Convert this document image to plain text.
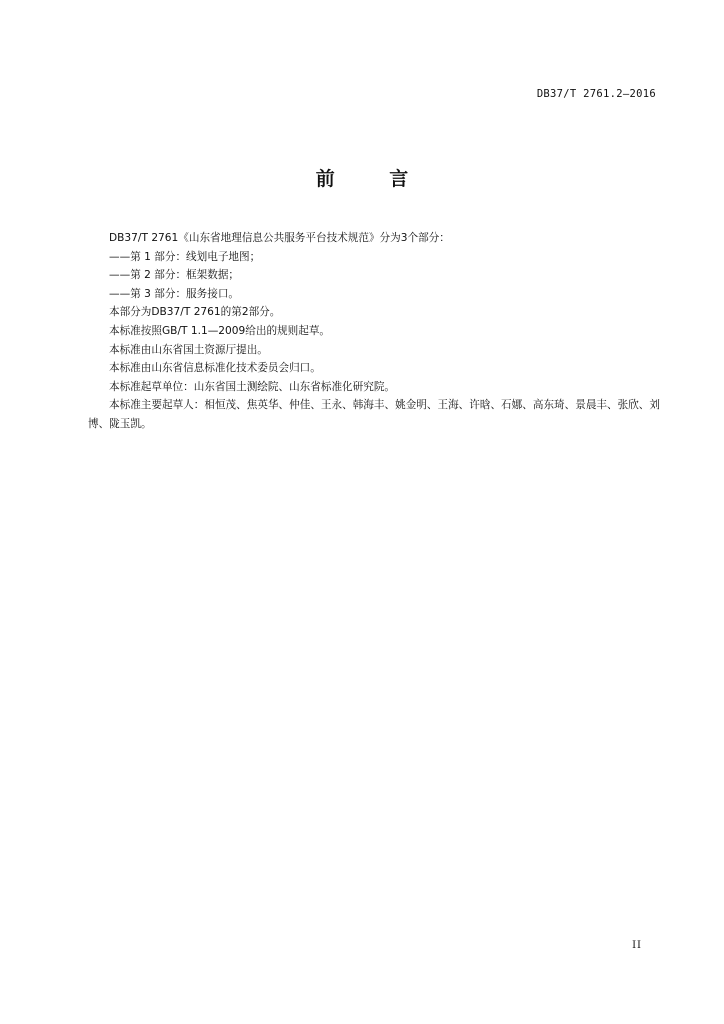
DB37/T 2761.2—2016
前 言

DB37/T 2761《山东省地理信息公共服务平台技术规范》分为3个部分：

——第 1 部分：线划电子地图；

——第 2 部分：框架数据；

——第 3 部分：服务接口。

本部分为DB37/T 2761的第2部分。

本标准按照GB/T 1.1—2009给出的规则起草。

本标准由山东省国土资源厅提出。

本标准由山东省信息标准化技术委员会归口。

本标准起草单位：山东省国土测绘院、山东省标准化研究院。

本标准主要起草人：相恒茂、焦英华、仲佳、王永、韩海丰、姚金明、王海、许晗、石娜、高东琦、景晨丰、张欣、刘博、陇玉凯。

II
